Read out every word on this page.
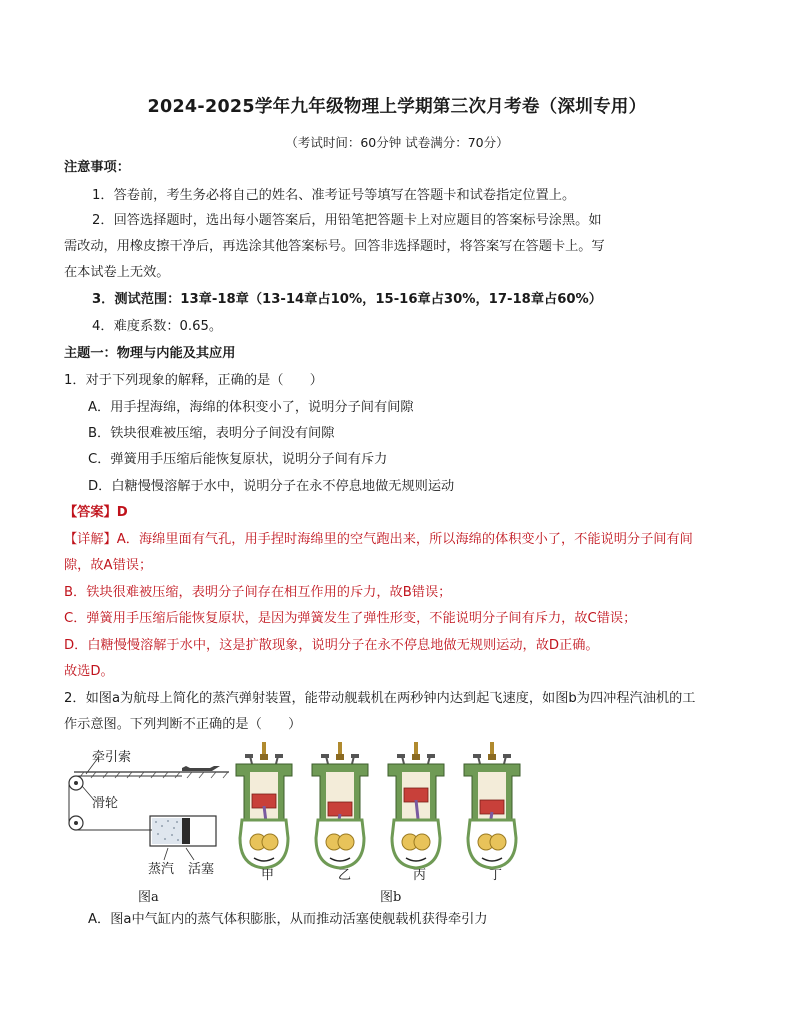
2024-2025学年九年级物理上学期第三次月考卷（深圳专用）
（考试时间：60分钟 试卷满分：70分）
注意事项：
1．答卷前，考生务必将自己的姓名、准考证号等填写在答题卡和试卷指定位置上。
2．回答选择题时，选出每小题答案后，用铅笔把答题卡上对应题目的答案标号涂黑。如
需改动，用橡皮擦干净后，再选涂其他答案标号。回答非选择题时，将答案写在答题卡上。写
在本试卷上无效。
3．测试范围：13章-18章（13-14章占10%，15-16章占30%，17-18章占60%）
4．难度系数：0.65。
主题一：物理与内能及其应用
1．对于下列现象的解释，正确的是（　　）
A．用手捏海绵，海绵的体积变小了，说明分子间有间隙
B．铁块很难被压缩，表明分子间没有间隙
C．弹簧用手压缩后能恢复原状，说明分子间有斥力
D．白糖慢慢溶解于水中，说明分子在永不停息地做无规则运动
【答案】D
【详解】A．海绵里面有气孔，用手捏时海绵里的空气跑出来，所以海绵的体积变小了，不能说明分子间有间
隙，故A错误；
B．铁块很难被压缩，表明分子间存在相互作用的斥力，故B错误；
C．弹簧用手压缩后能恢复原状，是因为弹簧发生了弹性形变，不能说明分子间有斥力，故C错误；
D．白糖慢慢溶解于水中，这是扩散现象，说明分子在永不停息地做无规则运动，故D正确。
故选D。
2．如图a为航母上简化的蒸汽弹射装置，能带动舰载机在两秒钟内达到起飞速度，如图b为四冲程汽油机的工
作示意图。下列判断不正确的是（　　）
牵引索
滑轮
蒸汽 活塞
图a
甲	乙	丙	丁
图b
A．图a中气缸内的蒸气体积膨胀，从而推动活塞使舰载机获得牵引力
